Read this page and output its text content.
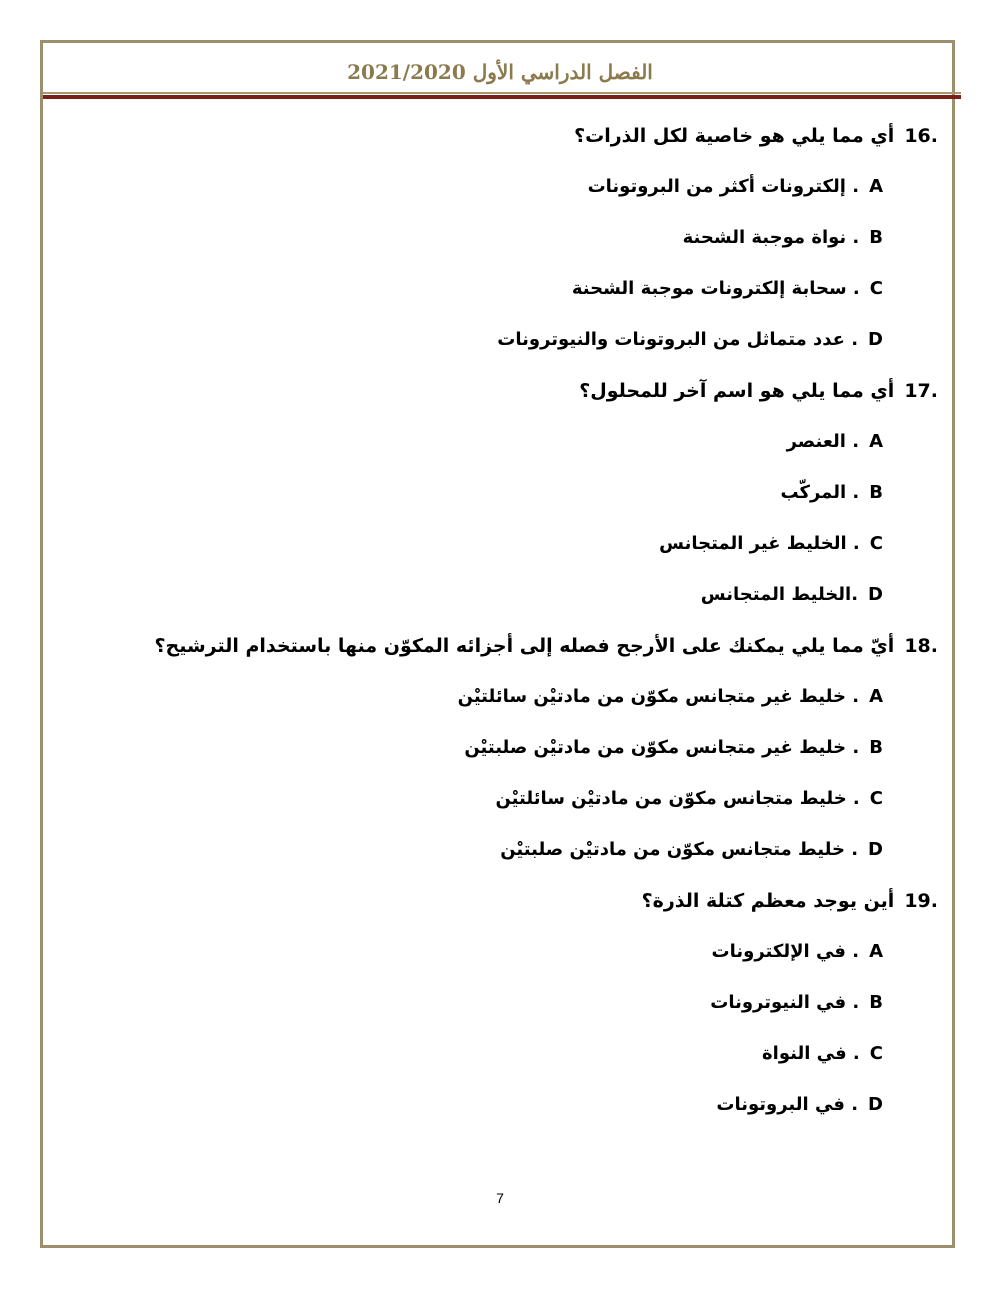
الفصل الدراسي الأول 2021/2020
16.
أي مما يلي هو خاصية لكل الذرات؟
A
. إلكترونات أكثر من البروتونات
B
. نواة موجبة الشحنة
C
. سحابة إلكترونات موجبة الشحنة
D
. عدد متماثل من البروتونات والنيوترونات
17.
أي مما يلي هو اسم آخر للمحلول؟
A
. العنصر
B
. المركّب
C
. الخليط غير المتجانس
D
.الخليط المتجانس
18.
أيّ مما يلي يمكنك على الأرجح فصله إلى أجزائه المكوّن منها باستخدام الترشيح؟
A
. خليط غير متجانس مكوّن من مادتيْن سائلتيْن
B
. خليط غير متجانس مكوّن من مادتيْن صلبتيْن
C
. خليط متجانس مكوّن من مادتيْن سائلتيْن
D
. خليط متجانس مكوّن من مادتيْن صلبتيْن
19.
أين يوجد معظم كتلة الذرة؟
A
. في الإلكترونات
B
. في النيوترونات
C
. في النواة
D
. في البروتونات
7
